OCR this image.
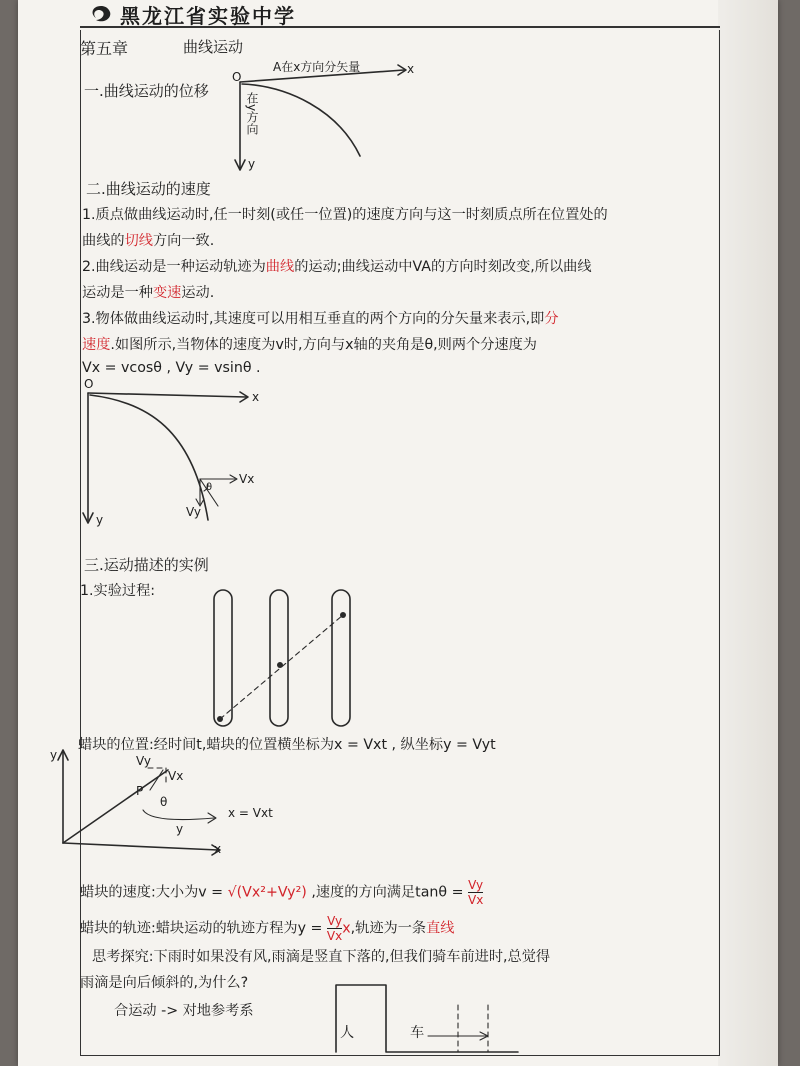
黑龙江省实验中学
第五章	曲线运动
一.曲线运动的位移
O
A在x方向分矢量	x
y
在y方向
二.曲线运动的速度
1.质点做曲线运动时,任一时刻(或任一位置)的速度方向与这一时刻质点所在位置处的
曲线的切线方向一致.
2.曲线运动是一种运动轨迹为曲线的运动;曲线运动中VA的方向时刻改变,所以曲线
运动是一种变速运动.
3.物体做曲线运动时,其速度可以用相互垂直的两个方向的分矢量来表示,即分
速度.如图所示,当物体的速度为v时,方向与x轴的夹角是θ,则两个分速度为
Vx = vcosθ , Vy = vsinθ .
O
x
y
Vx
Vy
θ
三.运动描述的实例
1.实验过程:
蜡块的位置:经时间t,蜡块的位置横坐标为x = Vxt , 纵坐标y = Vyt
y
x
P
θ
Vx
Vy
x = Vxt
y
蜡块的速度:大小为v = √(Vx²+Vy²) ,速度的方向满足$\tan\theta = \frac{Vy}{Vx}$
蜡块的轨迹:蜡块运动的轨迹方程为$y = \frac{Vy}{Vx} x$,轨迹为一条直线
思考探究:下雨时如果没有风,雨滴是竖直下落的,但我们骑车前进时,总觉得
雨滴是向后倾斜的,为什么?
合运动 -> 对地参考系
人	车
